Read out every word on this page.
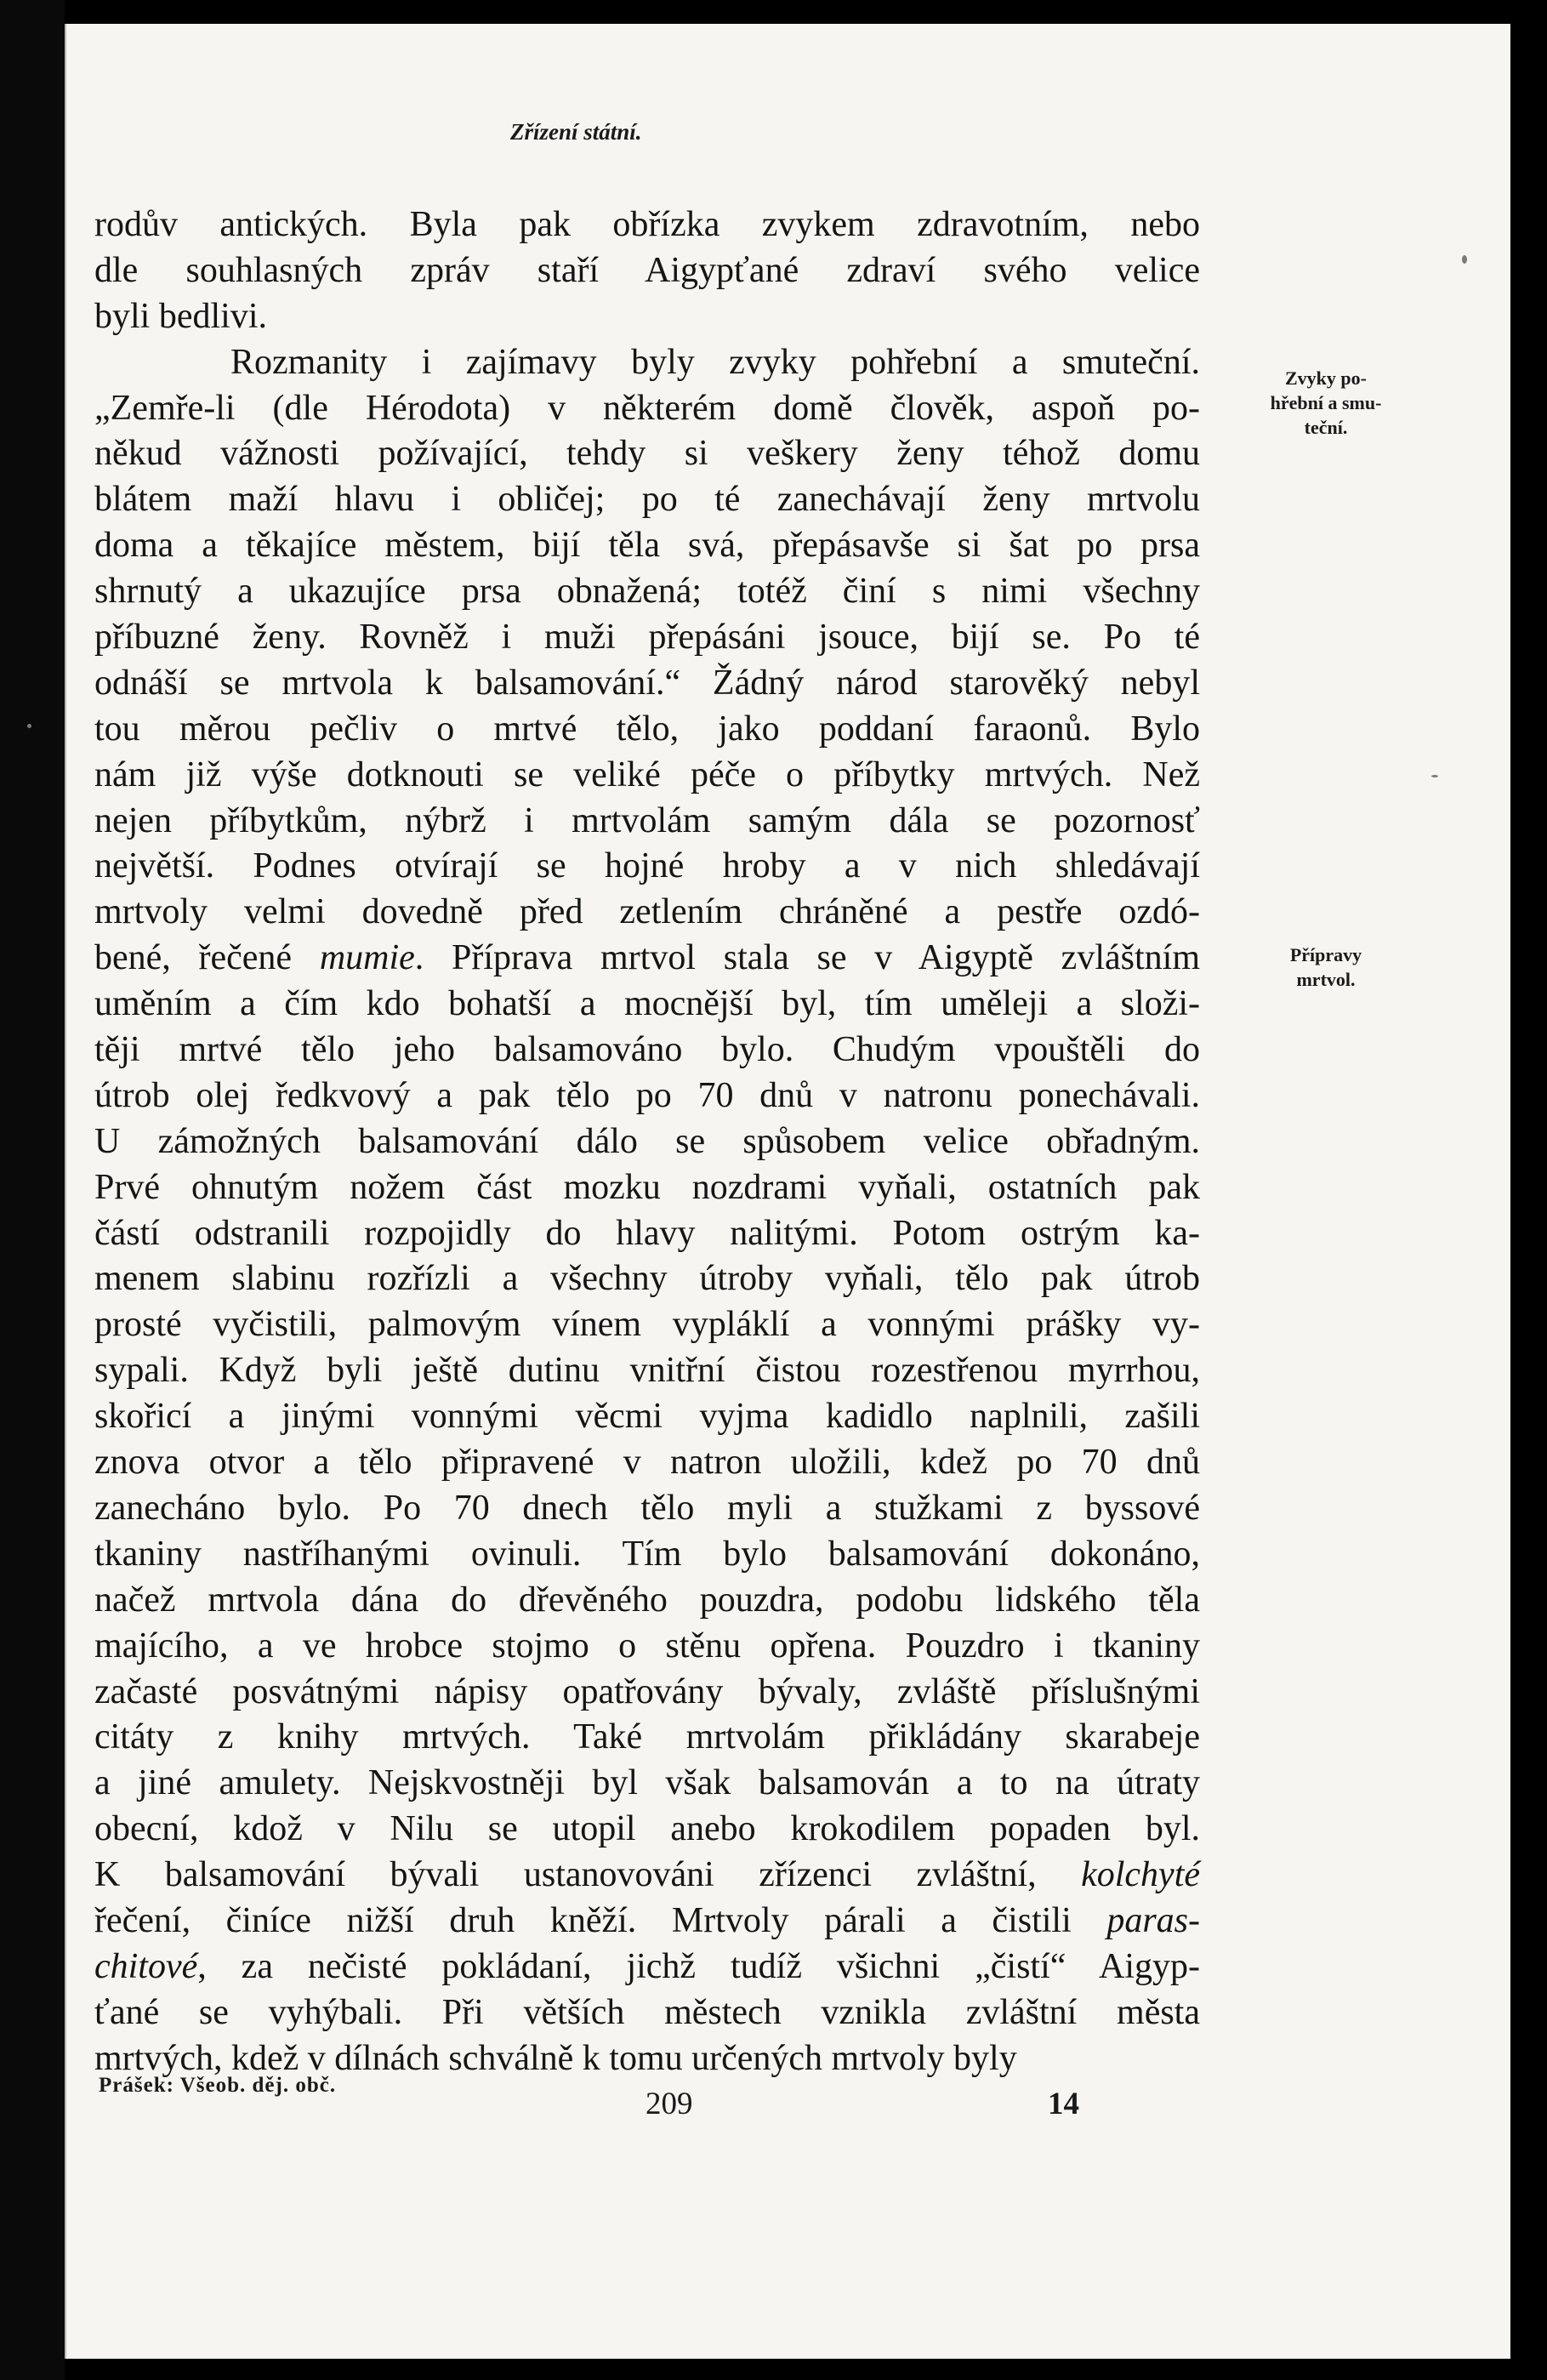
Zřízení státní.
rodův antických. Byla pak obřízka zvykem zdravotním, nebo
dle souhlasných zpráv staří Aigypťané zdraví svého velice
byli bedlivi.
Rozmanity i zajímavy byly zvyky pohřební a smuteční.
„Zemře-li (dle Hérodota) v některém domě člověk, aspoň po-
někud vážnosti požívající, tehdy si veškery ženy téhož domu
blátem maží hlavu i obličej; po té zanechávají ženy mrtvolu
doma a těkajíce městem, bijí těla svá, přepásavše si šat po prsa
shrnutý a ukazujíce prsa obnažená; totéž činí s nimi všechny
příbuzné ženy. Rovněž i muži přepásáni jsouce, bijí se. Po té
odnáší se mrtvola k balsamování.“ Žádný národ starověký nebyl
tou měrou pečliv o mrtvé tělo, jako poddaní faraonů. Bylo
nám již výše dotknouti se veliké péče o příbytky mrtvých. Než
nejen příbytkům, nýbrž i mrtvolám samým dála se pozornosť
největší. Podnes otvírají se hojné hroby a v nich shledávají
mrtvoly velmi dovedně před zetlením chráněné a pestře ozdó-
bené, řečené mumie. Příprava mrtvol stala se v Aigyptě zvláštním
uměním a čím kdo bohatší a mocnější byl, tím uměleji a složi-
těji mrtvé tělo jeho balsamováno bylo. Chudým vpouštěli do
útrob olej ředkvový a pak tělo po 70 dnů v natronu ponechávali.
U zámožných balsamování dálo se spůsobem velice obřadným.
Prvé ohnutým nožem část mozku nozdrami vyňali, ostatních pak
částí odstranili rozpojidly do hlavy nalitými. Potom ostrým ka-
menem slabinu rozřízli a všechny útroby vyňali, tělo pak útrob
prosté vyčistili, palmovým vínem vypláklí a vonnými prášky vy-
sypali. Když byli ještě dutinu vnitřní čistou rozestřenou myrrhou,
skořicí a jinými vonnými věcmi vyjma kadidlo naplnili, zašili
znova otvor a tělo připravené v natron uložili, kdež po 70 dnů
zanecháno bylo. Po 70 dnech tělo myli a stužkami z byssové
tkaniny nastříhanými ovinuli. Tím bylo balsamování dokonáno,
načež mrtvola dána do dřevěného pouzdra, podobu lidského těla
majícího, a ve hrobce stojmo o stěnu opřena. Pouzdro i tkaniny
začasté posvátnými nápisy opatřovány bývaly, zvláště příslušnými
citáty z knihy mrtvých. Také mrtvolám přikládány skarabeje
a jiné amulety. Nejskvostněji byl však balsamován a to na útraty
obecní, kdož v Nilu se utopil anebo krokodilem popaden byl.
K balsamování bývali ustanovováni zřízenci zvláštní, kolchyté
řečení, činíce nižší druh kněží. Mrtvoly párali a čistili paras-
chitové, za nečisté pokládaní, jichž tudíž všichni „čistí“ Aigyp-
ťané se vyhýbali. Při větších městech vznikla zvláštní města
mrtvých, kdež v dílnách schválně k tomu určených mrtvoly byly
Zvyky po-
hřební a smu-
teční.
Přípravy
mrtvol.
Prášek: Všeob. děj. obč.
209	14
